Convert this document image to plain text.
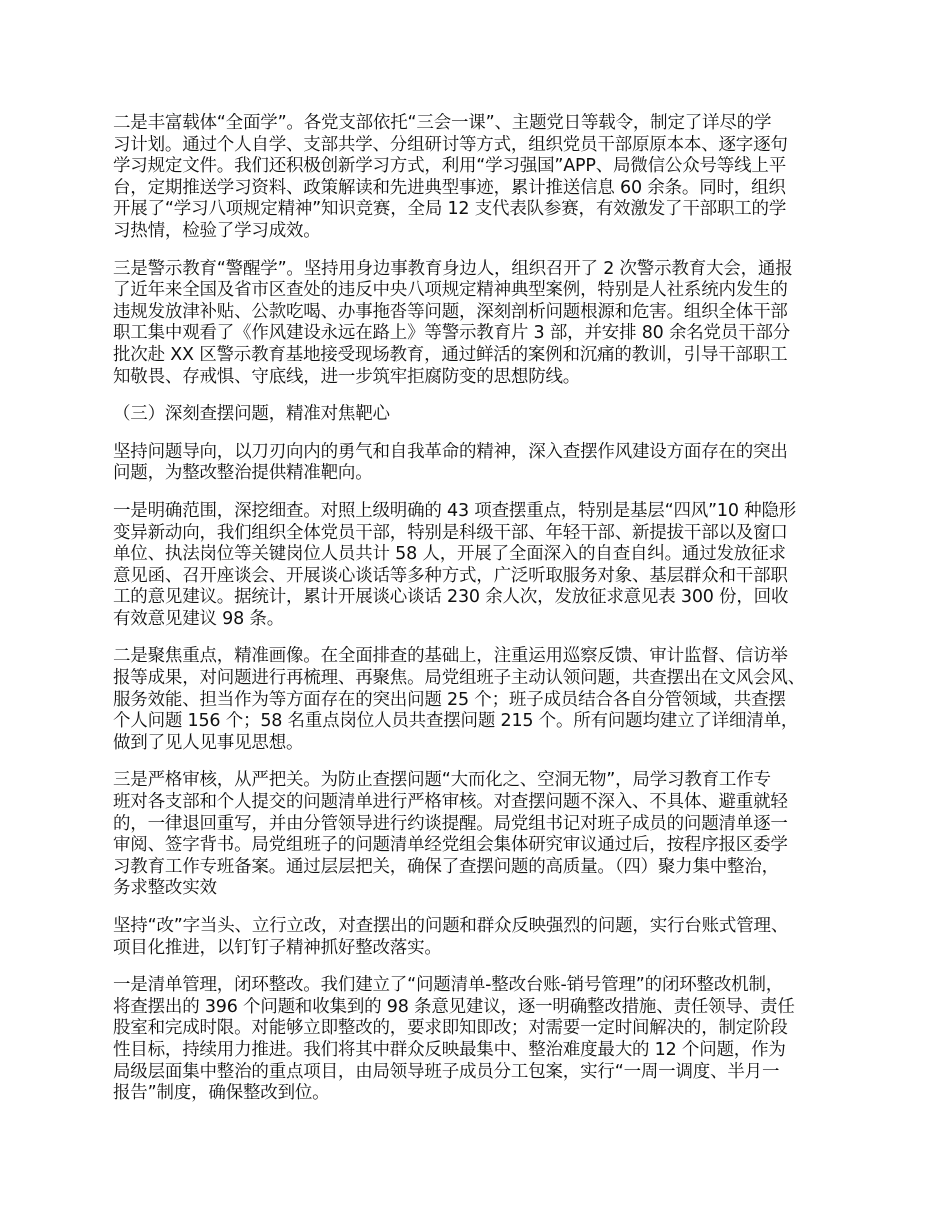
二是丰富载体“全面学”。各党支部依托“三会一课”、主题党日等载令，制定了详尽的学
习计划。通过个人自学、支部共学、分组研讨等方式，组织党员干部原原本本、逐字逐句
学习规定文件。我们还积极创新学习方式，利用“学习强国”APP、局微信公众号等线上平
台，定期推送学习资料、政策解读和先进典型事迹，累计推送信息 60 余条。同时，组织
开展了“学习八项规定精神”知识竞赛，全局 12 支代表队参赛，有效激发了干部职工的学
习热情，检验了学习成效。
三是警示教育“警醒学”。坚持用身边事教育身边人，组织召开了 2 次警示教育大会，通报
了近年来全国及省市区查处的违反中央八项规定精神典型案例，特别是人社系统内发生的
违规发放津补贴、公款吃喝、办事拖沓等问题，深刻剖析问题根源和危害。组织全体干部
职工集中观看了《作风建设永远在路上》等警示教育片 3 部，并安排 80 余名党员干部分
批次赴 XX 区警示教育基地接受现场教育，通过鲜活的案例和沉痛的教训，引导干部职工
知敬畏、存戒惧、守底线，进一步筑牢拒腐防变的思想防线。
（三）深刻查摆问题，精准对焦靶心
坚持问题导向，以刀刃向内的勇气和自我革命的精神，深入查摆作风建设方面存在的突出
问题，为整改整治提供精准靶向。
一是明确范围，深挖细查。对照上级明确的 43 项查摆重点，特别是基层“四风”10 种隐形
变异新动向，我们组织全体党员干部，特别是科级干部、年轻干部、新提拔干部以及窗口
单位、执法岗位等关键岗位人员共计 58 人，开展了全面深入的自查自纠。通过发放征求
意见函、召开座谈会、开展谈心谈话等多种方式，广泛听取服务对象、基层群众和干部职
工的意见建议。据统计，累计开展谈心谈话 230 余人次，发放征求意见表 300 份，回收
有效意见建议 98 条。
二是聚焦重点，精准画像。在全面排查的基础上，注重运用巡察反馈、审计监督、信访举
报等成果，对问题进行再梳理、再聚焦。局党组班子主动认领问题，共查摆出在文风会风、
服务效能、担当作为等方面存在的突出问题 25 个；班子成员结合各自分管领域，共查摆
个人问题 156 个；58 名重点岗位人员共查摆问题 215 个。所有问题均建立了详细清单，
做到了见人见事见思想。
三是严格审核，从严把关。为防止查摆问题“大而化之、空洞无物”，局学习教育工作专
班对各支部和个人提交的问题清单进行严格审核。对查摆问题不深入、不具体、避重就轻
的，一律退回重写，并由分管领导进行约谈提醒。局党组书记对班子成员的问题清单逐一
审阅、签字背书。局党组班子的问题清单经党组会集体研究审议通过后，按程序报区委学
习教育工作专班备案。通过层层把关，确保了查摆问题的高质量。（四）聚力集中整治，
务求整改实效
坚持“改”字当头、立行立改，对查摆出的问题和群众反映强烈的问题，实行台账式管理、
项目化推进，以钉钉子精神抓好整改落实。
一是清单管理，闭环整改。我们建立了“问题清单-整改台账-销号管理”的闭环整改机制，
将查摆出的 396 个问题和收集到的 98 条意见建议，逐一明确整改措施、责任领导、责任
股室和完成时限。对能够立即整改的，要求即知即改；对需要一定时间解决的，制定阶段
性目标，持续用力推进。我们将其中群众反映最集中、整治难度最大的 12 个问题，作为
局级层面集中整治的重点项目，由局领导班子成员分工包案，实行“一周一调度、半月一
报告”制度，确保整改到位。
